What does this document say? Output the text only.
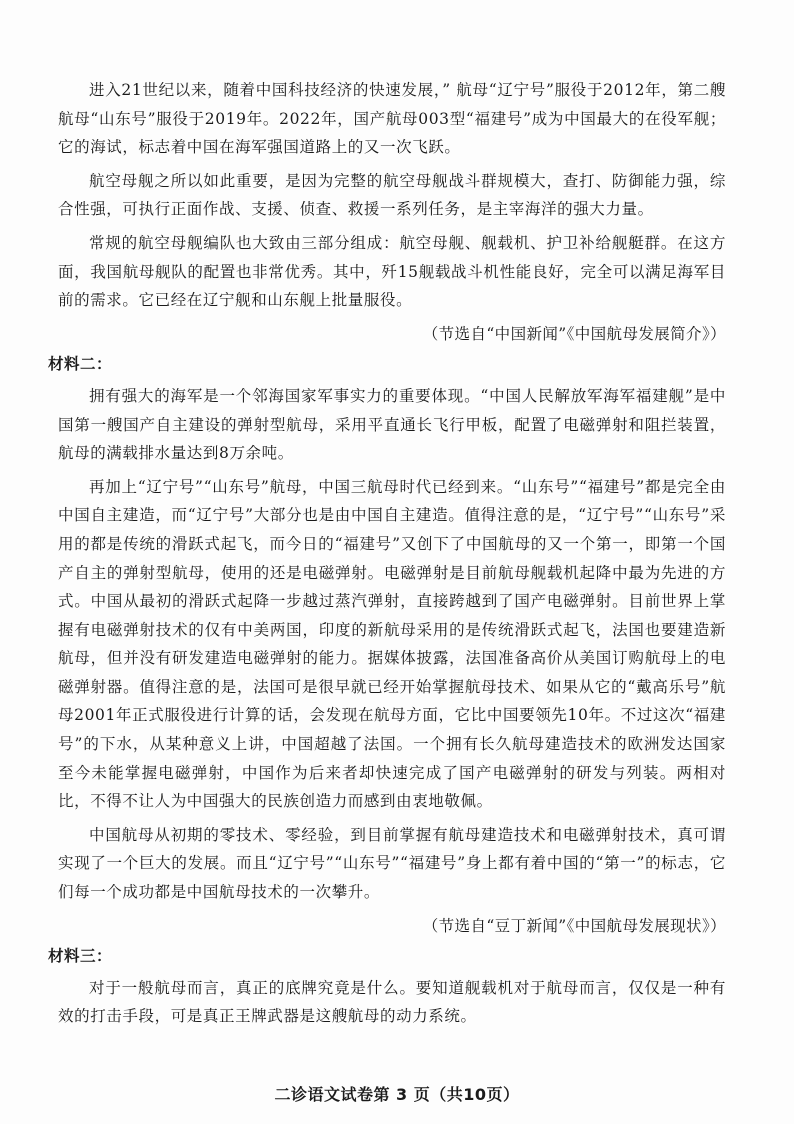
进入21世纪以来，随着中国科技经济的快速发展，” 航母“辽宁号”服役于2012年，第二艘航母“山东号”服役于2019年。2022年，国产航母003型“福建号”成为中国最大的在役军舰；它的海试，标志着中国在海军强国道路上的又一次飞跃。

航空母舰之所以如此重要，是因为完整的航空母舰战斗群规模大，查打、防御能力强，综合性强，可执行正面作战、支援、侦查、救援一系列任务，是主宰海洋的强大力量。

常规的航空母舰编队也大致由三部分组成：航空母舰、舰载机、护卫补给舰艇群。在这方面，我国航母舰队的配置也非常优秀。其中，歼15舰载战斗机性能良好，完全可以满足海军目前的需求。它已经在辽宁舰和山东舰上批量服役。

（节选自“中国新闻”《中国航母发展简介》）

材料二：

拥有强大的海军是一个邻海国家军事实力的重要体现。“中国人民解放军海军福建舰”是中国第一艘国产自主建设的弹射型航母，采用平直通长飞行甲板，配置了电磁弹射和阻拦装置，航母的满载排水量达到8万余吨。

再加上“辽宁号”“山东号”航母，中国三航母时代已经到来。“山东号”“福建号”都是完全由中国自主建造，而“辽宁号”大部分也是由中国自主建造。值得注意的是，“辽宁号”“山东号”采用的都是传统的滑跃式起飞，而今日的“福建号”又创下了中国航母的又一个第一，即第一个国产自主的弹射型航母，使用的还是电磁弹射。电磁弹射是目前航母舰载机起降中最为先进的方式。中国从最初的滑跃式起降一步越过蒸汽弹射，直接跨越到了国产电磁弹射。目前世界上掌握有电磁弹射技术的仅有中美两国，印度的新航母采用的是传统滑跃式起飞，法国也要建造新航母，但并没有研发建造电磁弹射的能力。据媒体披露，法国准备高价从美国订购航母上的电磁弹射器。值得注意的是，法国可是很早就已经开始掌握航母技术、如果从它的“戴高乐号”航母2001年正式服役进行计算的话，会发现在航母方面，它比中国要领先10年。不过这次“福建号”的下水，从某种意义上讲，中国超越了法国。一个拥有长久航母建造技术的欧洲发达国家至今未能掌握电磁弹射，中国作为后来者却快速完成了国产电磁弹射的研发与列装。两相对比，不得不让人为中国强大的民族创造力而感到由衷地敬佩。

中国航母从初期的零技术、零经验，到目前掌握有航母建造技术和电磁弹射技术，真可谓实现了一个巨大的发展。而且“辽宁号”“山东号”“福建号”身上都有着中国的“第一”的标志，它们每一个成功都是中国航母技术的一次攀升。

（节选自“豆丁新闻”《中国航母发展现状》）

材料三：

对于一般航母而言，真正的底牌究竟是什么。要知道舰载机对于航母而言，仅仅是一种有效的打击手段，可是真正王牌武器是这艘航母的动力系统。

二诊语文试卷第 3 页（共10页）
